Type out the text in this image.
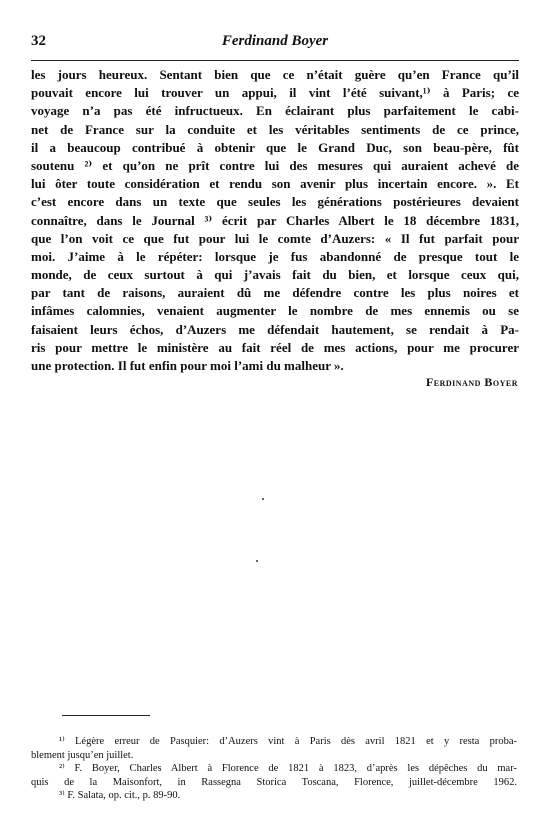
32	Ferdinand Boyer
les jours heureux. Sentant bien que ce n’était guère qu’en France qu’il
pouvait encore lui trouver un appui, il vint l’été suivant,¹⁾ à Paris; ce
voyage n’a pas été infructueux. En éclairant plus parfaitement le cabi-
net de France sur la conduite et les véritables sentiments de ce prince,
il a beaucoup contribué à obtenir que le Grand Duc, son beau-père, fût
soutenu ²⁾ et qu’on ne prît contre lui des mesures qui auraient achevé de
lui ôter toute considération et rendu son avenir plus incertain encore. ». Et
c’est encore dans un texte que seules les générations postérieures devaient
connaître, dans le Journal ³⁾ écrit par Charles Albert le 18 décembre 1831,
que l’on voit ce que fut pour lui le comte d’Auzers: « Il fut parfait pour
moi. J’aime à le répéter: lorsque je fus abandonné de presque tout le
monde, de ceux surtout à qui j’avais fait du bien, et lorsque ceux qui,
par tant de raisons, auraient dû me défendre contre les plus noires et
infâmes calomnies, venaient augmenter le nombre de mes ennemis ou se
faisaient leurs échos, d’Auzers me défendait hautement, se rendait à Pa-
ris pour mettre le ministère au fait réel de mes actions, pour me procurer
une protection. Il fut enfin pour moi l’ami du malheur ».
Ferdinand Boyer
¹⁾ Légère erreur de Pasquier: d’Auzers vint à Paris dès avril 1821 et y resta proba-
blement jusqu’en juillet.
²⁾ F. Boyer, Charles Albert à Florence de 1821 à 1823, d’après les dépêches du mar-
quis de la Maisonfort, in Rassegna Storica Toscana, Florence, juillet-décembre 1962.
³⁾ F. Salata, op. cit., p. 89-90.
